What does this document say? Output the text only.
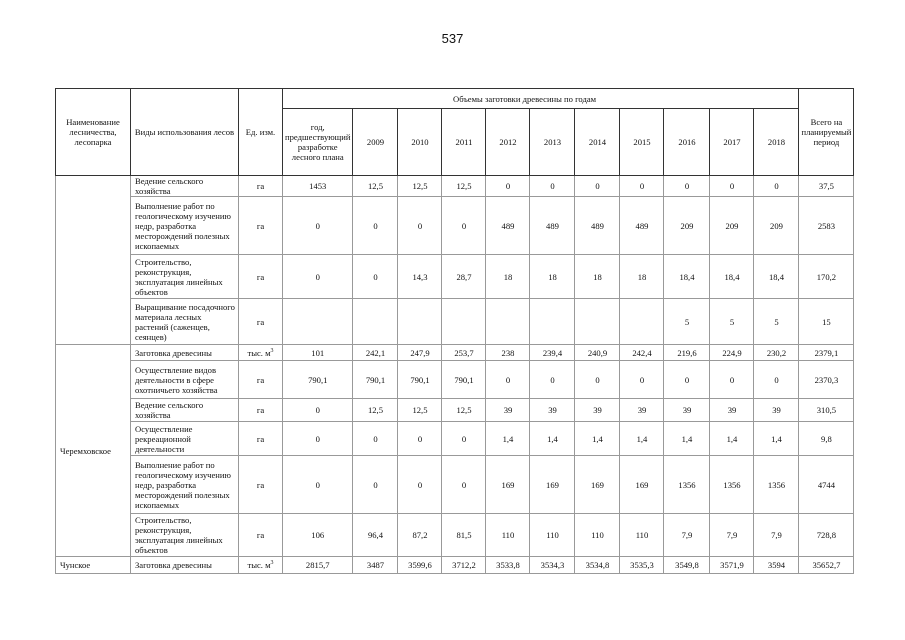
537
Наименование лесничества, лесопарка	Виды использования лесов	Ед. изм.	Объемы заготовки древесины по годам											Всего на планируемый период
			год, предшествующий разработке лесного плана	2009	2010	2011	2012	2013	2014	2015	2016	2017	2018	
	Ведение сельского хозяйства	га	1453	12,5	12,5	12,5	0	0	0	0	0	0	0	37,5
	Выполнение работ по геологическому изучению недр, разработка месторождений полезных ископаемых	га	0	0	0	0	489	489	489	489	209	209	209	2583
	Строительство, реконструкция, эксплуатация линейных объектов	га	0	0	14,3	28,7	18	18	18	18	18,4	18,4	18,4	170,2
	Выращивание посадочного материала лесных растений (саженцев, сеянцев)	га									5	5	5	15
Черемховское	Заготовка древесины	тыс. $м^3$	101	242,1	247,9	253,7	238	239,4	240,9	242,4	219,6	224,9	230,2	2379,1
	Осуществление видов деятельности в сфере охотничьего хозяйства	га	790,1	790,1	790,1	790,1	0	0	0	0	0	0	0	2370,3
	Ведение сельского хозяйства	га	0	12,5	12,5	12,5	39	39	39	39	39	39	39	310,5
	Осуществление рекреационной деятельности	га	0	0	0	0	1,4	1,4	1,4	1,4	1,4	1,4	1,4	9,8
	Выполнение работ по геологическому изучению недр, разработка месторождений полезных ископаемых	га	0	0	0	0	169	169	169	169	1356	1356	1356	4744
	Строительство, реконструкция, эксплуатация линейных объектов	га	106	96,4	87,2	81,5	110	110	110	110	7,9	7,9	7,9	728,8
Чунское	Заготовка древесины	тыс. $м^3$	2815,7	3487	3599,6	3712,2	3533,8	3534,3	3534,8	3535,3	3549,8	3571,9	3594	35652,7
